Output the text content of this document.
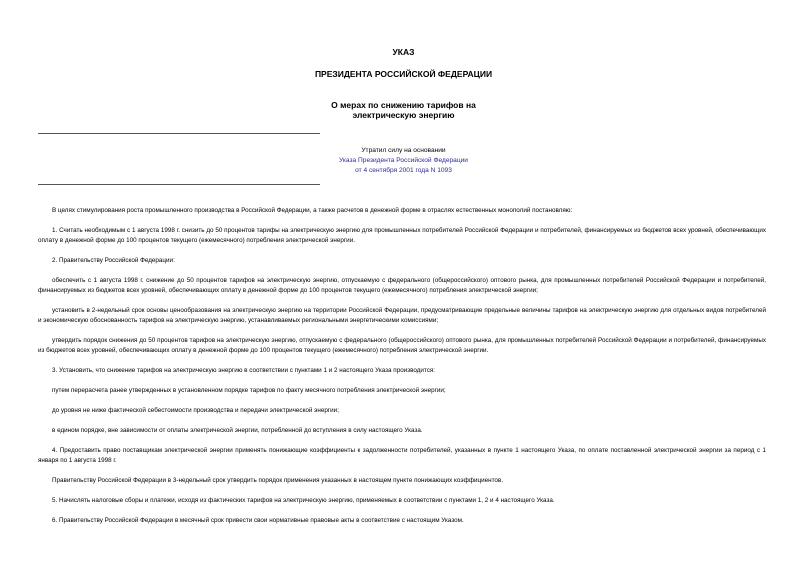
УКАЗ
ПРЕЗИДЕНТА РОССИЙСКОЙ ФЕДЕРАЦИИ
О мерах по снижению тарифов на
электрическую энергию
Утратил силу на основании
Указа Президента Российской Федерации
от 4 сентября 2001 года N 1093

В целях стимулирования роста промышленного производства в Российской Федерации, а также расчетов в денежной форме в отраслях естественных монополий постановляю:

1. Считать необходимым с 1 августа 1998 г. снизить до 50 процентов тарифы на электрическую энергию для промышленных потребителей Российской Федерации и потребителей, финансируемых из бюджетов всех уровней, обеспечивающих оплату в денежной форме до 100 процентов текущего (ежемесячного) потребления электрической энергии.

2. Правительству Российской Федерации:

обеспечить с 1 августа 1998 г. снижение до 50 процентов тарифов на электрическую энергию, отпускаемую с федерального (общероссийского) оптового рынка, для промышленных потребителей Российской Федерации и потребителей, финансируемых из бюджетов всех уровней, обеспечивающих оплату в денежной форме до 100 процентов текущего (ежемесячного) потребления электрической энергии;

установить в 2-недельный срок основы ценообразования на электрическую энергию на территории Российской Федерации, предусматривающие предельные величины тарифов на электрическую энергию для отдельных видов потребителей и экономическую обоснованность тарифов на электрическую энергию, устанавливаемых региональными энергетическими комиссиями;

утвердить порядок снижения до 50 процентов тарифов на электрическую энергию, отпускаемую с федерального (общероссийского) оптового рынка, для промышленных потребителей Российской Федерации и потребителей, финансируемых из бюджетов всех уровней, обеспечивающих оплату в денежной форме до 100 процентов текущего (ежемесячного) потребления электрической энергии.

3. Установить, что снижение тарифов на электрическую энергию в соответствии с пунктами 1 и 2 настоящего Указа производится:

путем перерасчета ранее утвержденных в установленном порядке тарифов по факту месячного потребления электрической энергии;

до уровня не ниже фактической себестоимости производства и передачи электрической энергии;

в едином порядке, вне зависимости от оплаты электрической энергии, потребленной до вступления в силу настоящего Указа.

4. Предоставить право поставщикам электрической энергии применять понижающие коэффициенты к задолженности потребителей, указанных в пункте 1 настоящего Указа, по оплате поставленной электрической энергии за период с 1 января по 1 августа 1998 г.

Правительству Российской Федерации в 3-недельный срок утвердить порядок применения указанных в настоящем пункте понижающих коэффициентов.

5. Начислять налоговые сборы и платежи, исходя из фактических тарифов на электрическую энергию, применяемых в соответствии с пунктами 1, 2 и 4 настоящего Указа.

6. Правительству Российской Федерации в месячный срок привести свои нормативные правовые акты в соответствие с настоящим Указом.
